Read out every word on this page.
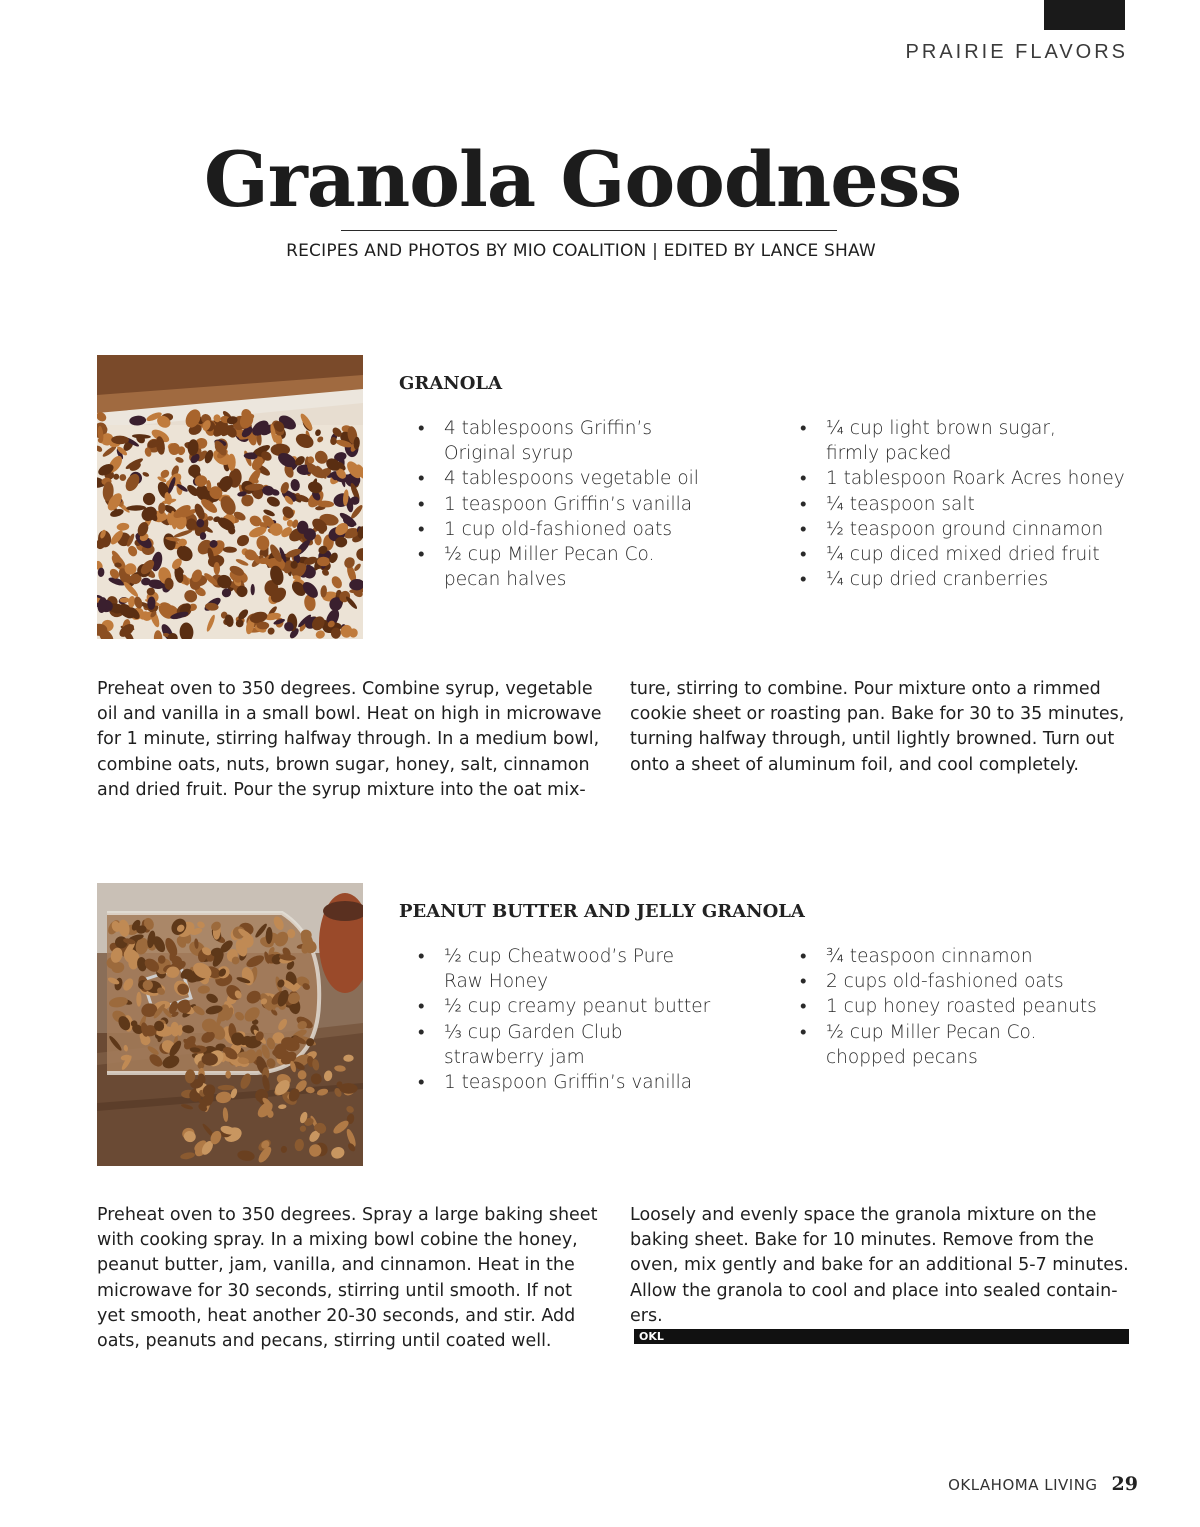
PRAIRIE FLAVORS

Granola Goodness

RECIPES AND PHOTOS BY MIO COALITION | EDITED BY LANCE SHAW

GRANOLA
• 4 tablespoons Griffin’s
Original syrup
• 4 tablespoons vegetable oil
• 1 teaspoon Griffin’s vanilla
• 1 cup old-fashioned oats
• ½ cup Miller Pecan Co.
pecan halves
• ¼ cup light brown sugar,
firmly packed
• 1 tablespoon Roark Acres honey
• ¼ teaspoon salt
• ½ teaspoon ground cinnamon
• ¼ cup diced mixed dried fruit
• ¼ cup dried cranberries

Preheat oven to 350 degrees. Combine syrup, vegetable
oil and vanilla in a small bowl. Heat on high in microwave
for 1 minute, stirring halfway through. In a medium bowl,
combine oats, nuts, brown sugar, honey, salt, cinnamon
and dried fruit. Pour the syrup mixture into the oat mix-

ture, stirring to combine. Pour mixture onto a rimmed
cookie sheet or roasting pan. Bake for 30 to 35 minutes,
turning halfway through, until lightly browned. Turn out
onto a sheet of aluminum foil, and cool completely.

PEANUT BUTTER AND JELLY GRANOLA
• ½ cup Cheatwood’s Pure
Raw Honey
• ½ cup creamy peanut butter
• ⅓ cup Garden Club
strawberry jam
• 1 teaspoon Griffin’s vanilla
• ¾ teaspoon cinnamon
• 2 cups old-fashioned oats
• 1 cup honey roasted peanuts
• ½ cup Miller Pecan Co.
chopped pecans

Preheat oven to 350 degrees. Spray a large baking sheet
with cooking spray. In a mixing bowl cobine the honey,
peanut butter, jam, vanilla, and cinnamon. Heat in the
microwave for 30 seconds, stirring until smooth. If not
yet smooth, heat another 20-30 seconds, and stir. Add
oats, peanuts and pecans, stirring until coated well.

Loosely and evenly space the granola mixture on the
baking sheet. Bake for 10 minutes. Remove from the
oven, mix gently and bake for an additional 5-7 minutes.
Allow the granola to cool and place into sealed contain-
ers.
OKL

OKLAHOMA LIVING 29
